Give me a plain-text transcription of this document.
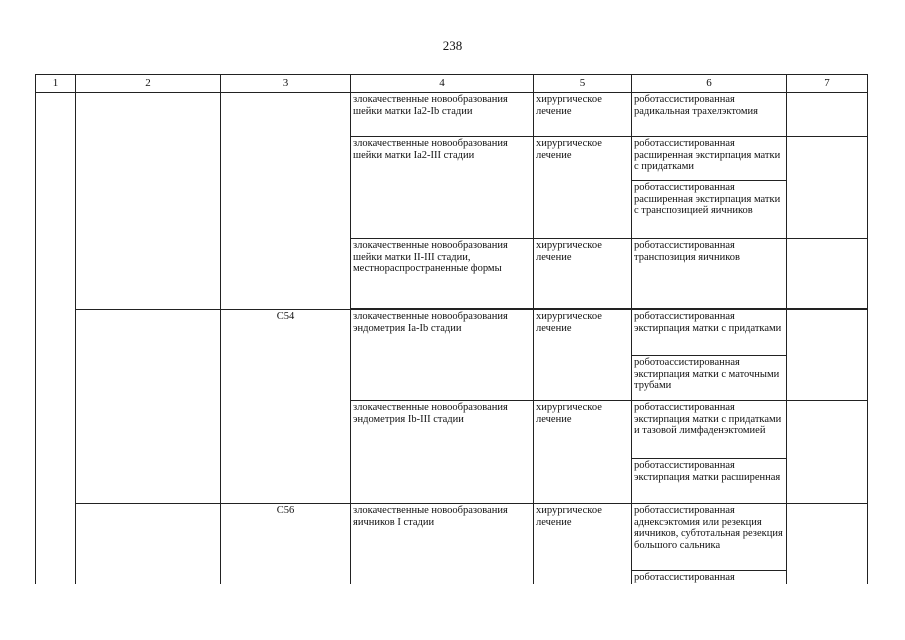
238
1	2	3	4	5	6	7
			злокачественные новообразования шейки матки Ia2-Ib стадии	хирургическое лечение	роботассистированная радикальная трахелэктомия	
			злокачественные новообразования шейки матки Ia2-III стадии	хирургическое лечение	роботассистированная расширенная экстирпация матки с придатками	
					роботассистированная расширенная экстирпация матки с транспозицией яичников	
			злокачественные новообразования шейки матки II-III стадии, местнораспространенные формы	хирургическое лечение	роботассистированная транспозиция яичников	

		C54	злокачественные новообразования эндометрия Ia-Ib стадии	хирургическое лечение	роботассистированная экстирпация матки с придатками	
					роботоассистированная экстирпация матки с маточными трубами	
			злокачественные новообразования эндометрия Ib-III стадии	хирургическое лечение	роботассистированная экстирпация матки с придатками и тазовой лимфаденэктомией	
					роботассистированная экстирпация матки расширенная	
		C56	злокачественные новообразования яичников I стадии	хирургическое лечение	роботассистированная аднексэктомия или резекция яичников, субтотальная резекция большого сальника	
					роботассистированная	
